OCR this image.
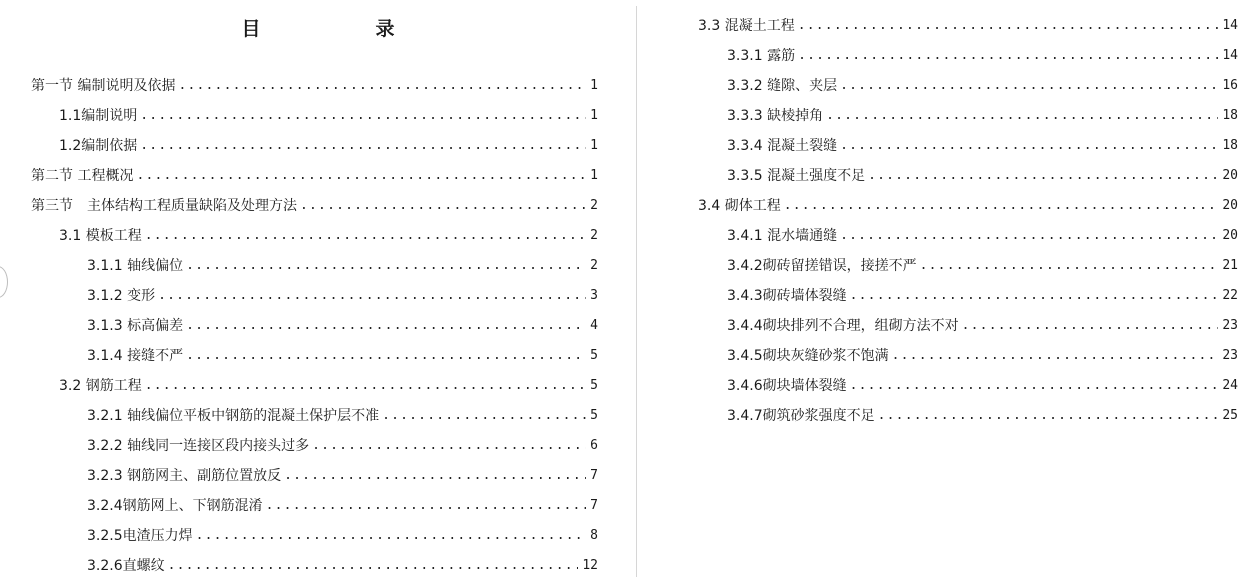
目　录
第一节 编制说明及依据 .....	1
1.1编制说明 .....	1
1.2编制依据 .....	1
第二节 工程概况 .....	1
第三节　主体结构工程质量缺陷及处理方法 .....	2
3.1 模板工程 .....	2
3.1.1 轴线偏位 .....	2
3.1.2 变形 .....	3
3.1.3 标高偏差 .....	4
3.1.4 接缝不严 .....	5
3.2 钢筋工程 .....	5
3.2.1 轴线偏位平板中钢筋的混凝土保护层不准 .....	5
3.2.2 轴线同一连接区段内接头过多 .....	6
3.2.3 钢筋网主、副筋位置放反 .....	7
3.2.4钢筋网上、下钢筋混淆 .....	7
3.2.5电渣压力焊 .....	8
3.2.6直螺纹 .....	12
3.3 混凝土工程 .....	14
3.3.1 露筋 .....	14
3.3.2 缝隙、夹层 .....	16
3.3.3 缺棱掉角 .....	18
3.3.4 混凝土裂缝 .....	18
3.3.5 混凝土强度不足 .....	20
3.4 砌体工程 .....	20
3.4.1 混水墙通缝 .....	20
3.4.2砌砖留搓错误，接搓不严 .....	21
3.4.3砌砖墙体裂缝 .....	22
3.4.4砌块排列不合理，组砌方法不对 .....	23
3.4.5砌块灰缝砂浆不饱满 .....	23
3.4.6砌块墙体裂缝 .....	24
3.4.7砌筑砂浆强度不足 .....	25
